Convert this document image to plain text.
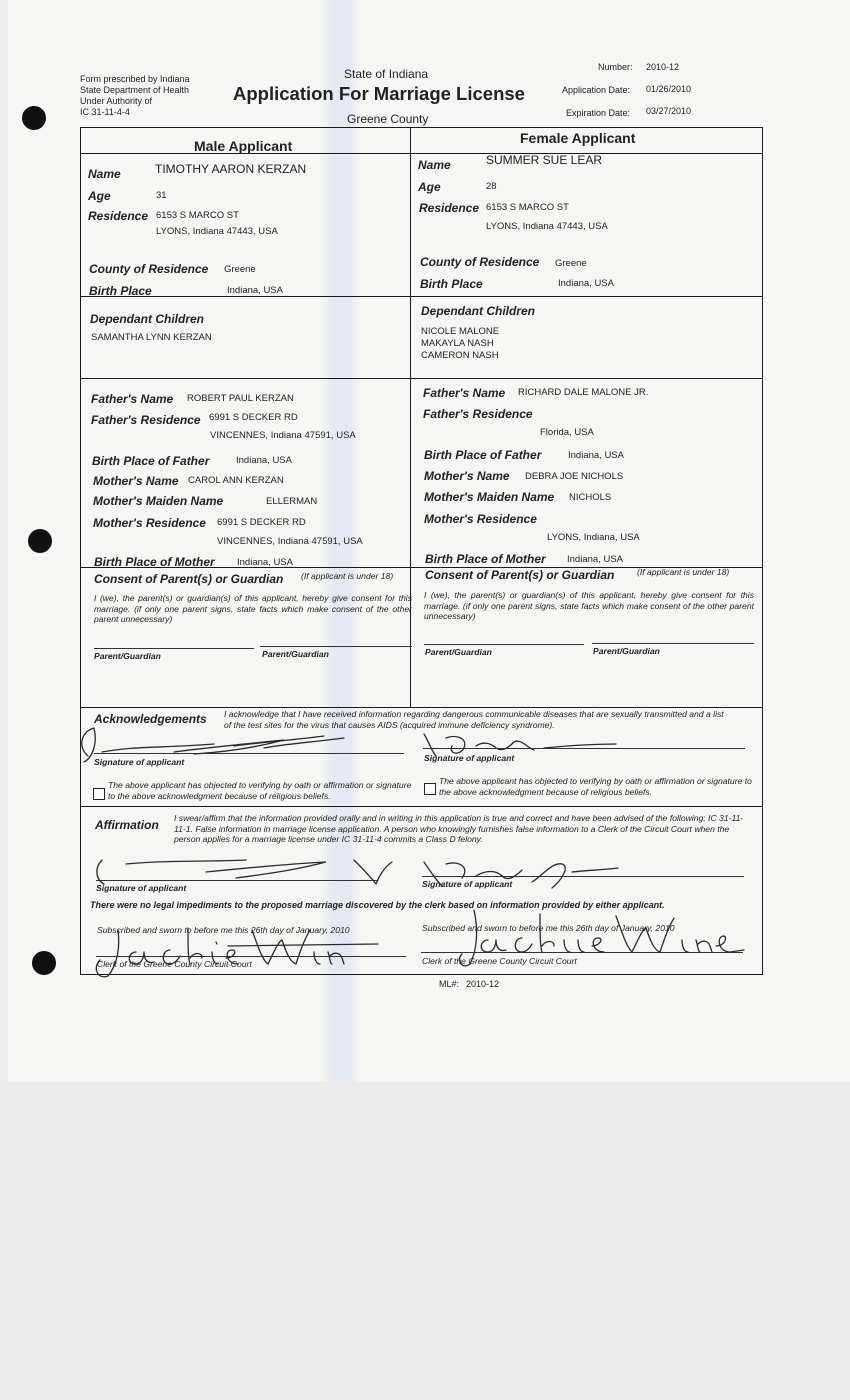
Form prescribed by Indiana
State Department of Health
Under Authority of
IC 31-11-4-4
State of Indiana
Application For Marriage License
Greene County
Number: 2010-12
Application Date: 01/26/2010
Expiration Date: 03/27/2010
Male Applicant	Female Applicant
Name	TIMOTHY AARON KERZAN
Age	31
Residence 6153 S MARCO ST
LYONS, Indiana 47443, USA
County of Residence Greene
Birth Place	Indiana, USA
Dependant Children
SAMANTHA LYNN KERZAN
Father's Name ROBERT PAUL KERZAN
Father's Residence 6991 S DECKER RD
VINCENNES, Indiana 47591, USA
Birth Place of Father	Indiana, USA
Mother's Name CAROL ANN KERZAN
Mother's Maiden Name	ELLERMAN
Mother's Residence 6991 S DECKER RD
VINCENNES, Indiana 47591, USA
Birth Place of Mother Indiana, USA
Consent of Parent(s) or Guardian (If applicant is under 18)
I (we), the parent(s) or guardian(s) of this applicant, hereby give consent for this marriage. (if only one parent signs, state facts which make consent of the other parent unnecessary)
Parent/Guardian	Parent/Guardian
Name	SUMMER SUE LEAR
Age	28
Residence 6153 S MARCO ST
LYONS, Indiana 47443, USA
County of Residence Greene
Birth Place	Indiana, USA
Dependant Children
NICOLE MALONE
MAKAYLA NASH
CAMERON NASH
Father's Name RICHARD DALE MALONE JR.
Father's Residence
Florida, USA
Birth Place of Father	Indiana, USA
Mother's Name DEBRA JOE NICHOLS
Mother's Maiden Name NICHOLS
Mother's Residence
LYONS, Indiana, USA
Birth Place of Mother Indiana, USA
Consent of Parent(s) or Guardian	(If applicant is under 18)
I (we), the parent(s) or guardian(s) of this applicant, hereby give consent for this marriage. (if only one parent signs, state facts which make consent of the other parent unnecessary)
Parent/Guardian	Parent/Guardian
Acknowledgements I acknowledge that I have received information regarding dangerous communicable diseases that are sexually transmitted and a list of the test sites for the virus that causes AIDS (acquired immune deficiency syndrome).
Signature of applicant	Signature of applicant
The above applicant has objected to verifying by oath or affirmation or signature to the above acknowledgment because of religious beliefs.
The above applicant has objected to verifying by oath or affirmation or signature to the above acknowledgment because of religious beliefs.
Affirmation I swear/affirm that the information provided orally and in writing in this application is true and correct and have been advised of the following: IC 31-11-11-1. False information in marriage license application. A person who knowingly furnishes false information to a Clerk of the Circuit Court when the person applies for a marriage license under IC 31-11-4 commits a Class D felony.
Signature of applicant	Signature of applicant
There were no legal impediments to the proposed marriage discovered by the clerk based on information provided by either applicant.
Subscribed and sworn to before me this 26th day of January, 2010	Subscribed and sworn to before me this 26th day of January, 2010
Clerk of the Greene County Circuit Court	Clerk of the Greene County Circuit Court
ML#: 2010-12
